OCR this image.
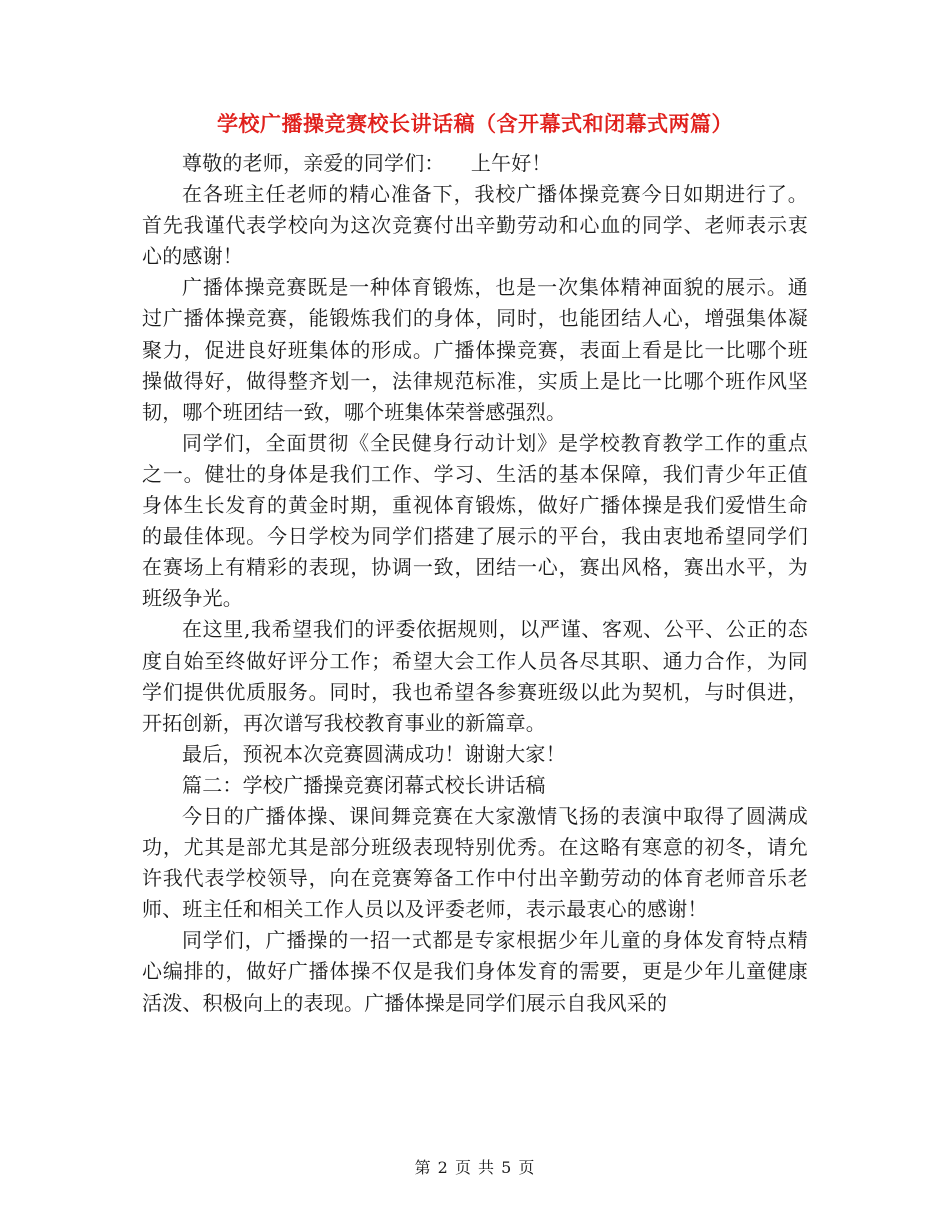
学校广播操竞赛校长讲话稿（含开幕式和闭幕式两篇）

尊敬的老师，亲爱的同学们：    上午好！

在各班主任老师的精心准备下，我校广播体操竞赛今日如期进行了。首先我谨代表学校向为这次竞赛付出辛勤劳动和心血的同学、老师表示衷心的感谢！

广播体操竞赛既是一种体育锻炼，也是一次集体精神面貌的展示。通过广播体操竞赛，能锻炼我们的身体，同时，也能团结人心，增强集体凝聚力，促进良好班集体的形成。广播体操竞赛，表面上看是比一比哪个班操做得好，做得整齐划一，法律规范标准，实质上是比一比哪个班作风坚韧，哪个班团结一致，哪个班集体荣誉感强烈。

同学们，全面贯彻《全民健身行动计划》是学校教育教学工作的重点之一。健壮的身体是我们工作、学习、生活的基本保障，我们青少年正值身体生长发育的黄金时期，重视体育锻炼，做好广播体操是我们爱惜生命的最佳体现。今日学校为同学们搭建了展示的平台，我由衷地希望同学们在赛场上有精彩的表现，协调一致，团结一心，赛出风格，赛出水平，为班级争光。

在这里,我希望我们的评委依据规则，以严谨、客观、公平、公正的态度自始至终做好评分工作；希望大会工作人员各尽其职、通力合作，为同学们提供优质服务。同时，我也希望各参赛班级以此为契机，与时俱进，开拓创新，再次谱写我校教育事业的新篇章。

最后，预祝本次竞赛圆满成功！谢谢大家！

篇二：学校广播操竞赛闭幕式校长讲话稿

今日的广播体操、课间舞竞赛在大家激情飞扬的表演中取得了圆满成功，尤其是部尤其是部分班级表现特别优秀。在这略有寒意的初冬，请允许我代表学校领导，向在竞赛筹备工作中付出辛勤劳动的体育老师音乐老师、班主任和相关工作人员以及评委老师，表示最衷心的感谢！

同学们，广播操的一招一式都是专家根据少年儿童的身体发育特点精心编排的，做好广播体操不仅是我们身体发育的需要，更是少年儿童健康活泼、积极向上的表现。广播体操是同学们展示自我风采的

第 2 页 共 5 页
